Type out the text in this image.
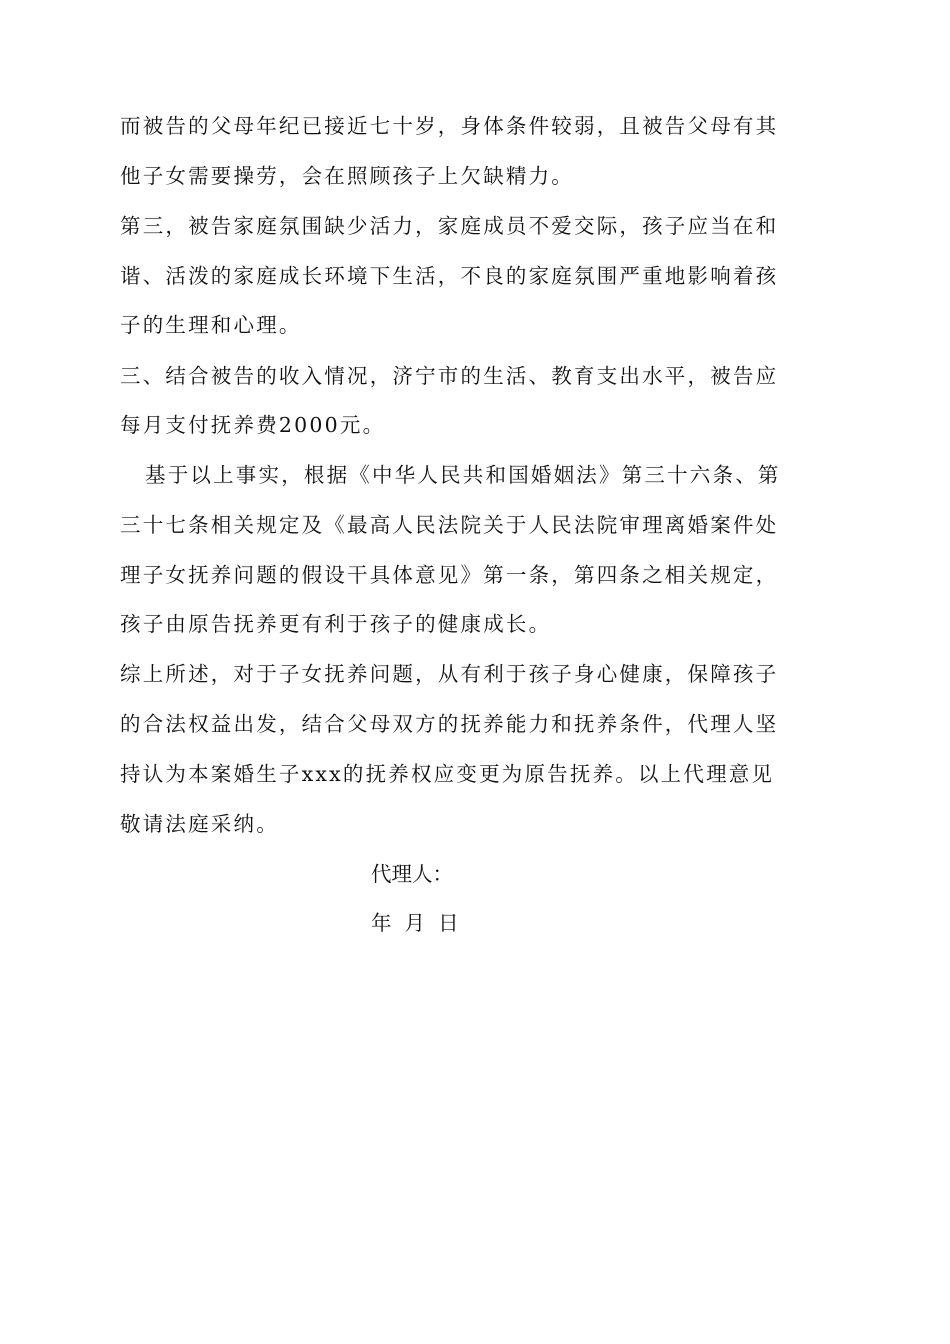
而被告的父母年纪已接近七十岁，身体条件较弱，且被告父母有其
他子女需要操劳，会在照顾孩子上欠缺精力。
第三，被告家庭氛围缺少活力，家庭成员不爱交际，孩子应当在和
谐、活泼的家庭成长环境下生活，不良的家庭氛围严重地影响着孩
子的生理和心理。
三、结合被告的收入情况，济宁市的生活、教育支出水平，被告应
每月支付抚养费2000元。
基于以上事实，根据《中华人民共和国婚姻法》第三十六条、第
三十七条相关规定及《最高人民法院关于人民法院审理离婚案件处
理子女抚养问题的假设干具体意见》第一条，第四条之相关规定，
孩子由原告抚养更有利于孩子的健康成长。
综上所述，对于子女抚养问题，从有利于孩子身心健康，保障孩子
的合法权益出发，结合父母双方的抚养能力和抚养条件，代理人坚
持认为本案婚生子xxx的抚养权应变更为原告抚养。以上代理意见
敬请法庭采纳。
代理人：
年  月  日
